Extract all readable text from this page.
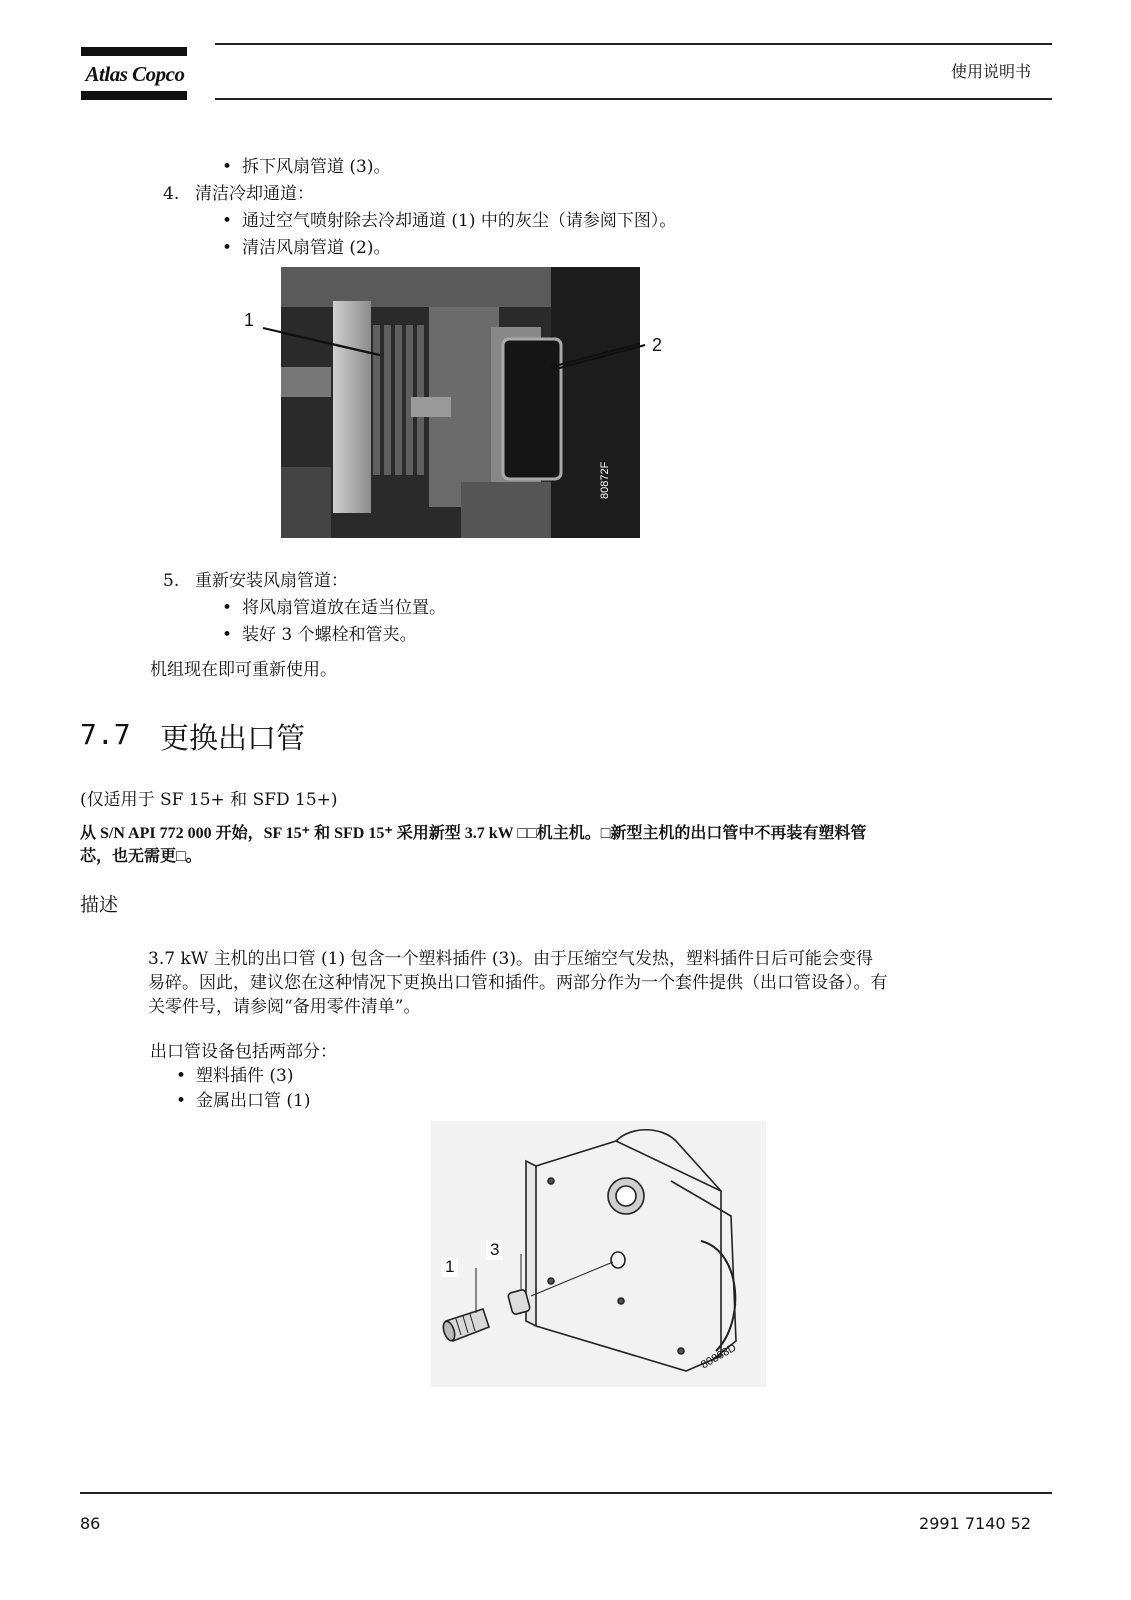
Atlas Copco	使用说明书
• 拆下风扇管道 (3)。
4. 清洁冷却通道：
• 通过空气喷射除去冷却通道 (1) 中的灰尘（请参阅下图）。
• 清洁风扇管道 (2)。
80872F
1
2
5. 重新安装风扇管道：
• 将风扇管道放在适当位置。
• 装好 3 个螺栓和管夹。
机组现在即可重新使用。
7.7 更换出口管
(仅适用于 SF 15+ 和 SFD 15+)
从 S/N API 772 000 开始，SF 15⁺ 和 SFD 15⁺ 采用新型 3.7 kW □□机主机。□新型主机的出口管中不再装有塑料管
芯，也无需更□。
描述
3.7 kW 主机的出口管 (1) 包含一个塑料插件 (3)。由于压缩空气发热，塑料插件日后可能会变得
易碎。因此，建议您在这种情况下更换出口管和插件。两部分作为一个套件提供（出口管设备）。有
关零件号，请参阅“备用零件清单”。
出口管设备包括两部分：
• 塑料插件 (3)
• 金属出口管 (1)
1
3
80868D
86	2991 7140 52
